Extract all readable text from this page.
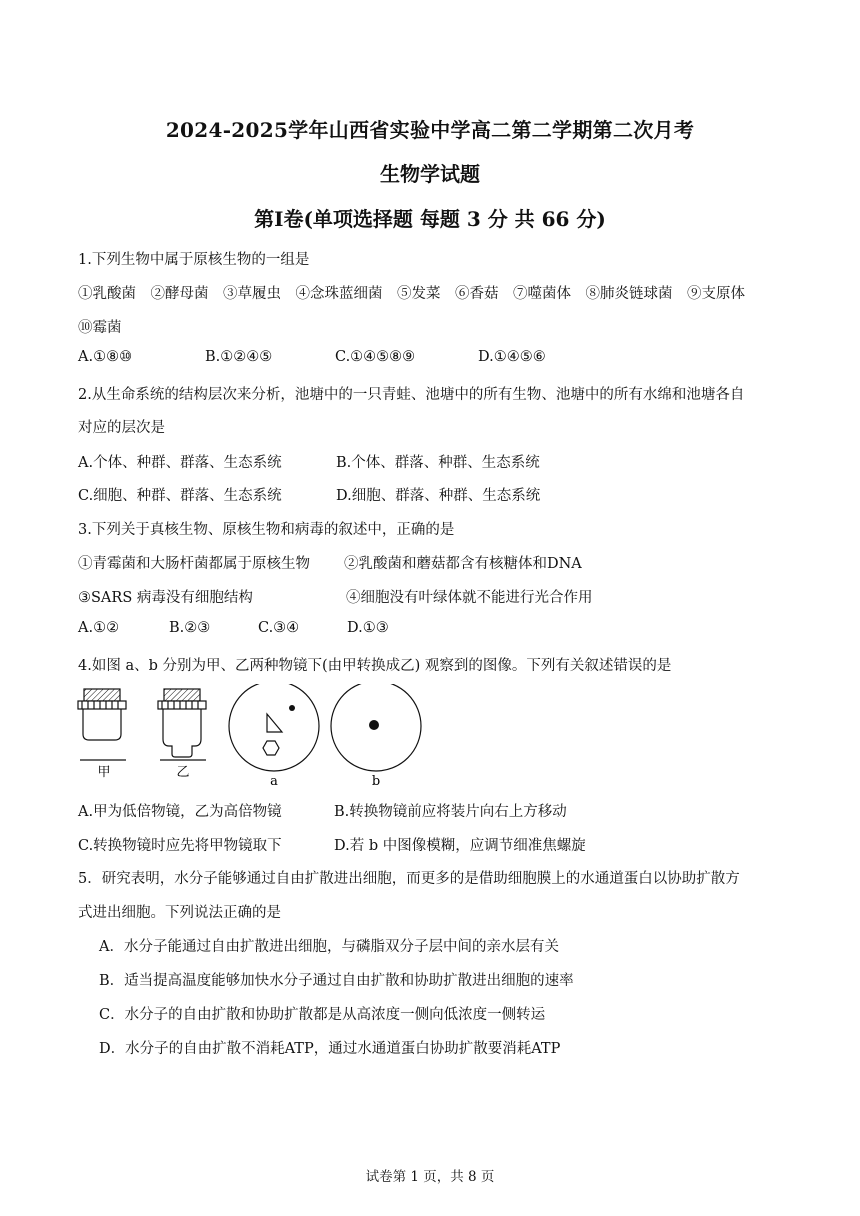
2024-2025学年山西省实验中学高二第二学期第二次月考
生物学试题
第Ⅰ卷(单项选择题 每题 3 分 共 66 分)
1.下列生物中属于原核生物的一组是
①乳酸菌　②酵母菌　③草履虫　④念珠蓝细菌　⑤发菜　⑥香菇　⑦噬菌体　⑧肺炎链球菌　⑨支原体
⑩霉菌
A.①⑧⑩	B.①②④⑤	C.①④⑤⑧⑨	D.①④⑤⑥
2.从生命系统的结构层次来分析，池塘中的一只青蛙、池塘中的所有生物、池塘中的所有水绵和池塘各自
对应的层次是
A.个体、种群、群落、生态系统	B.个体、群落、种群、生态系统
C.细胞、种群、群落、生态系统	D.细胞、群落、种群、生态系统
3.下列关于真核生物、原核生物和病毒的叙述中，正确的是
①青霉菌和大肠杆菌都属于原核生物 ②乳酸菌和蘑菇都含有核糖体和DNA
③SARS 病毒没有细胞结构	④细胞没有叶绿体就不能进行光合作用
A.①②	B.②③	C.③④	D.①③
4.如图 a、b 分别为甲、乙两种物镜下(由甲转换成乙) 观察到的图像。下列有关叙述错误的是
甲	乙
a	b
A.甲为低倍物镜，乙为高倍物镜	B.转换物镜前应将装片向右上方移动
C.转换物镜时应先将甲物镜取下	D.若 b 中图像模糊，应调节细准焦螺旋
5．研究表明，水分子能够通过自由扩散进出细胞，而更多的是借助细胞膜上的水通道蛋白以协助扩散方
式进出细胞。下列说法正确的是
A．水分子能通过自由扩散进出细胞，与磷脂双分子层中间的亲水层有关
B．适当提高温度能够加快水分子通过自由扩散和协助扩散进出细胞的速率
C．水分子的自由扩散和协助扩散都是从高浓度一侧向低浓度一侧转运
D．水分子的自由扩散不消耗ATP，通过水通道蛋白协助扩散要消耗ATP
试卷第 1 页，共 8 页
